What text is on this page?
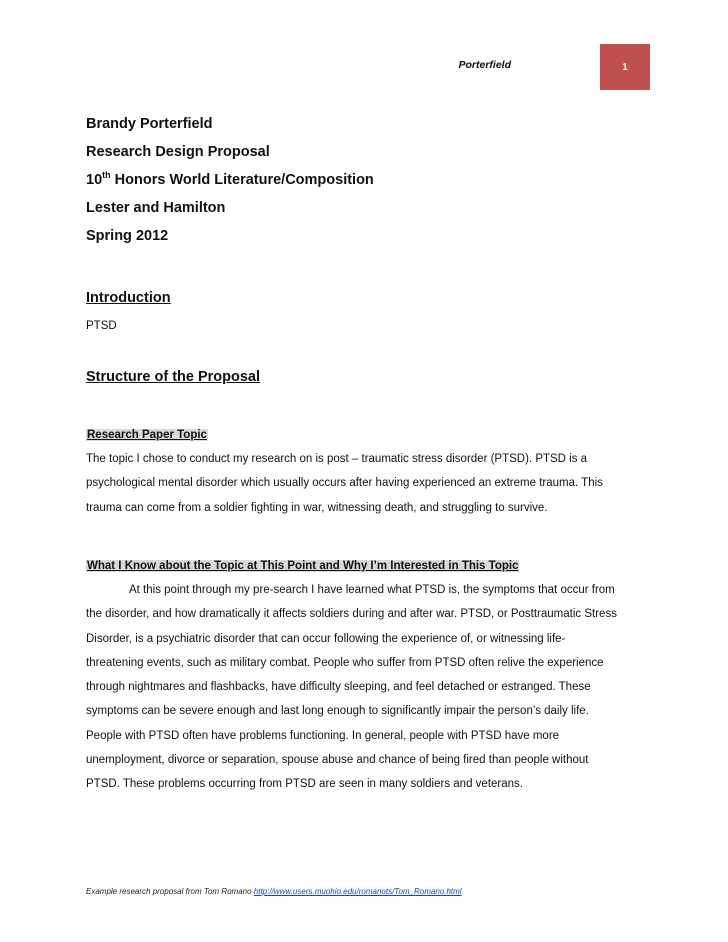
Porterfield	1
Brandy Porterfield
Research Design Proposal
10th Honors World Literature/Composition
Lester and Hamilton
Spring 2012
Introduction
PTSD
Structure of the Proposal
Research Paper Topic
The topic I chose to conduct my research on is post – traumatic stress disorder (PTSD). PTSD is a
psychological mental disorder which usually occurs after having experienced an extreme trauma. This
trauma can come from a soldier fighting in war, witnessing death, and struggling to survive.
What I Know about the Topic at This Point and Why I’m Interested in This Topic
At this point through my pre-search I have learned what PTSD is, the symptoms that occur from
the disorder, and how dramatically it affects soldiers during and after war. PTSD, or Posttraumatic Stress
Disorder, is a psychiatric disorder that can occur following the experience of, or witnessing life-
threatening events, such as military combat. People who suffer from PTSD often relive the experience
through nightmares and flashbacks, have difficulty sleeping, and feel detached or estranged. These
symptoms can be severe enough and last long enough to significantly impair the person’s daily life.
People with PTSD often have problems functioning. In general, people with PTSD have more
unemployment, divorce or separation, spouse abuse and chance of being fired than people without
PTSD. These problems occurring from PTSD are seen in many soldiers and veterans.
Example research proposal from Tom Romano http://www.users.muohio.edu/romanots/Tom_Romano.html
